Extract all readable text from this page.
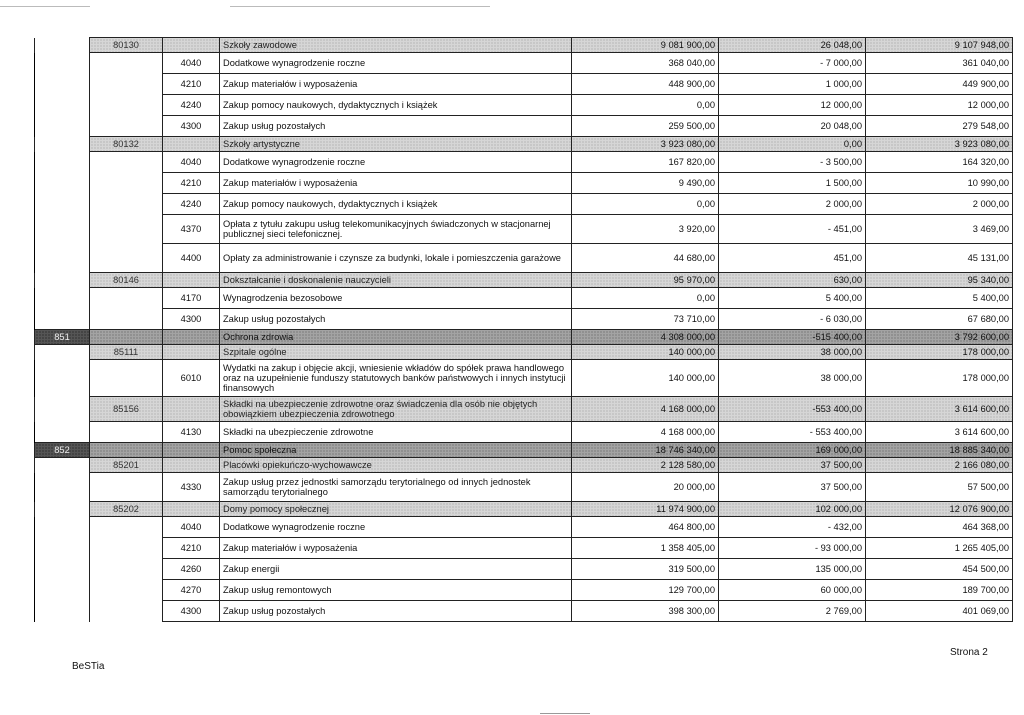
	80130		Szkoły zawodowe	9 081 900,00	26 048,00	9 107 948,00
		4040	Dodatkowe wynagrodzenie roczne	368 040,00	- 7 000,00	361 040,00
		4210	Zakup materiałów i wyposażenia	448 900,00	1 000,00	449 900,00
		4240	Zakup pomocy naukowych, dydaktycznych i książek	0,00	12 000,00	12 000,00
		4300	Zakup usług pozostałych	259 500,00	20 048,00	279 548,00
	80132		Szkoły artystyczne	3 923 080,00	0,00	3 923 080,00
		4040	Dodatkowe wynagrodzenie roczne	167 820,00	- 3 500,00	164 320,00
		4210	Zakup materiałów i wyposażenia	9 490,00	1 500,00	10 990,00
		4240	Zakup pomocy naukowych, dydaktycznych i książek	0,00	2 000,00	2 000,00
		4370	Opłata z tytułu zakupu usług telekomunikacyjnych świadczonych w stacjonarnej publicznej sieci telefonicznej.	3 920,00	- 451,00	3 469,00
		4400	Opłaty za administrowanie i czynsze za budynki, lokale i pomieszczenia garażowe	44 680,00	451,00	45 131,00
	80146		Dokształcanie i doskonalenie nauczycieli	95 970,00	630,00	95 340,00
		4170	Wynagrodzenia bezosobowe	0,00	5 400,00	5 400,00
		4300	Zakup usług pozostałych	73 710,00	- 6 030,00	67 680,00
851			Ochrona zdrowia	4 308 000,00	-515 400,00	3 792 600,00
	85111		Szpitale ogólne	140 000,00	38 000,00	178 000,00
		6010	Wydatki na zakup i objęcie akcji, wniesienie wkładów do spółek prawa handlowego oraz na uzupełnienie funduszy statutowych banków państwowych i innych instytucji finansowych	140 000,00	38 000,00	178 000,00
	85156		Składki na ubezpieczenie zdrowotne oraz świadczenia dla osób nie objętych obowiązkiem ubezpieczenia zdrowotnego	4 168 000,00	-553 400,00	3 614 600,00
		4130	Składki na ubezpieczenie zdrowotne	4 168 000,00	- 553 400,00	3 614 600,00
852			Pomoc społeczna	18 746 340,00	169 000,00	18 885 340,00
	85201		Placówki opiekuńczo-wychowawcze	2 128 580,00	37 500,00	2 166 080,00
		4330	Zakup usług przez jednostki samorządu terytorialnego od innych jednostek samorządu terytorialnego	20 000,00	37 500,00	57 500,00
	85202		Domy pomocy społecznej	11 974 900,00	102 000,00	12 076 900,00
		4040	Dodatkowe wynagrodzenie roczne	464 800,00	- 432,00	464 368,00
		4210	Zakup materiałów i wyposażenia	1 358 405,00	- 93 000,00	1 265 405,00
		4260	Zakup energii	319 500,00	135 000,00	454 500,00
		4270	Zakup usług remontowych	129 700,00	60 000,00	189 700,00
		4300	Zakup usług pozostałych	398 300,00	2 769,00	401 069,00
BeSTia
Strona 2
